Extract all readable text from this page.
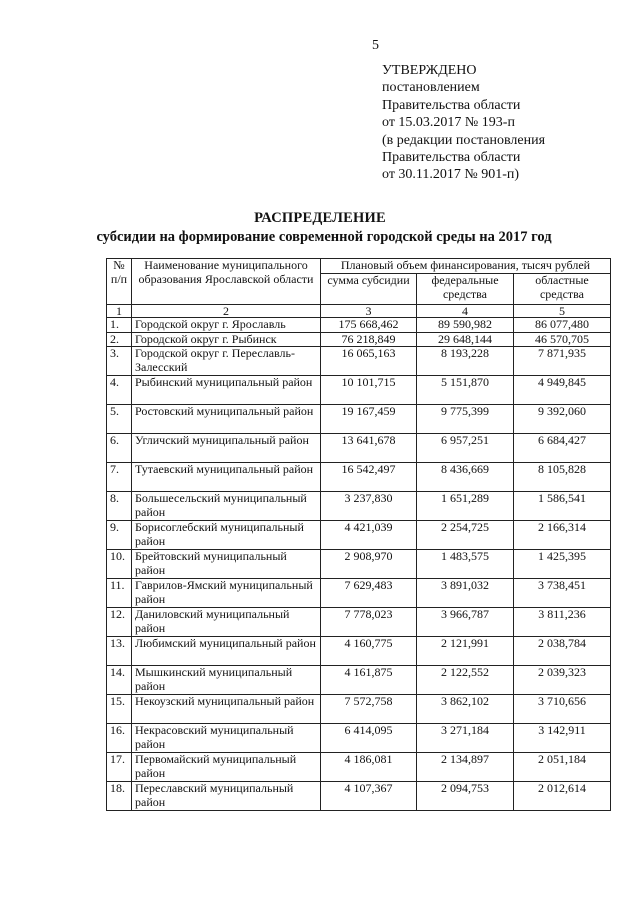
5
УТВЕРЖДЕНО
постановлением
Правительства области
от 15.03.2017 № 193-п
(в редакции постановления
Правительства области
от 30.11.2017 № 901-п)
РАСПРЕДЕЛЕНИЕ
субсидии на формирование современной городской среды на 2017 год
№ п/п	Наименование муниципального образования Ярославской области	Плановый объем финансирования, тысяч рублей		
		сумма субсидии	федеральные средства	областные средства
1	2	3	4	5
1.	Городской округ г. Ярославль	175 668,462	89 590,982	86 077,480
2.	Городской округ г. Рыбинск	76 218,849	29 648,144	46 570,705
3.	Городской округ г. Переславль-Залесский	16 065,163	8 193,228	7 871,935
4.	Рыбинский муниципальный район	10 101,715	5 151,870	4 949,845
5.	Ростовский муниципальный район	19 167,459	9 775,399	9 392,060
6.	Угличский муниципальный район	13 641,678	6 957,251	6 684,427
7.	Тутаевский муниципальный район	16 542,497	8 436,669	8 105,828
8.	Большесельский муниципальный район	3 237,830	1 651,289	1 586,541
9.	Борисоглебский муниципальный район	4 421,039	2 254,725	2 166,314
10.	Брейтовский муниципальный район	2 908,970	1 483,575	1 425,395
11.	Гаврилов-Ямский муниципальный район	7 629,483	3 891,032	3 738,451
12.	Даниловский муниципальный район	7 778,023	3 966,787	3 811,236
13.	Любимский муниципальный район	4 160,775	2 121,991	2 038,784
14.	Мышкинский муниципальный район	4 161,875	2 122,552	2 039,323
15.	Некоузский муниципальный район	7 572,758	3 862,102	3 710,656
16.	Некрасовский муниципальный район	6 414,095	3 271,184	3 142,911
17.	Первомайский муниципальный район	4 186,081	2 134,897	2 051,184
18.	Переславский муниципальный район	4 107,367	2 094,753	2 012,614
